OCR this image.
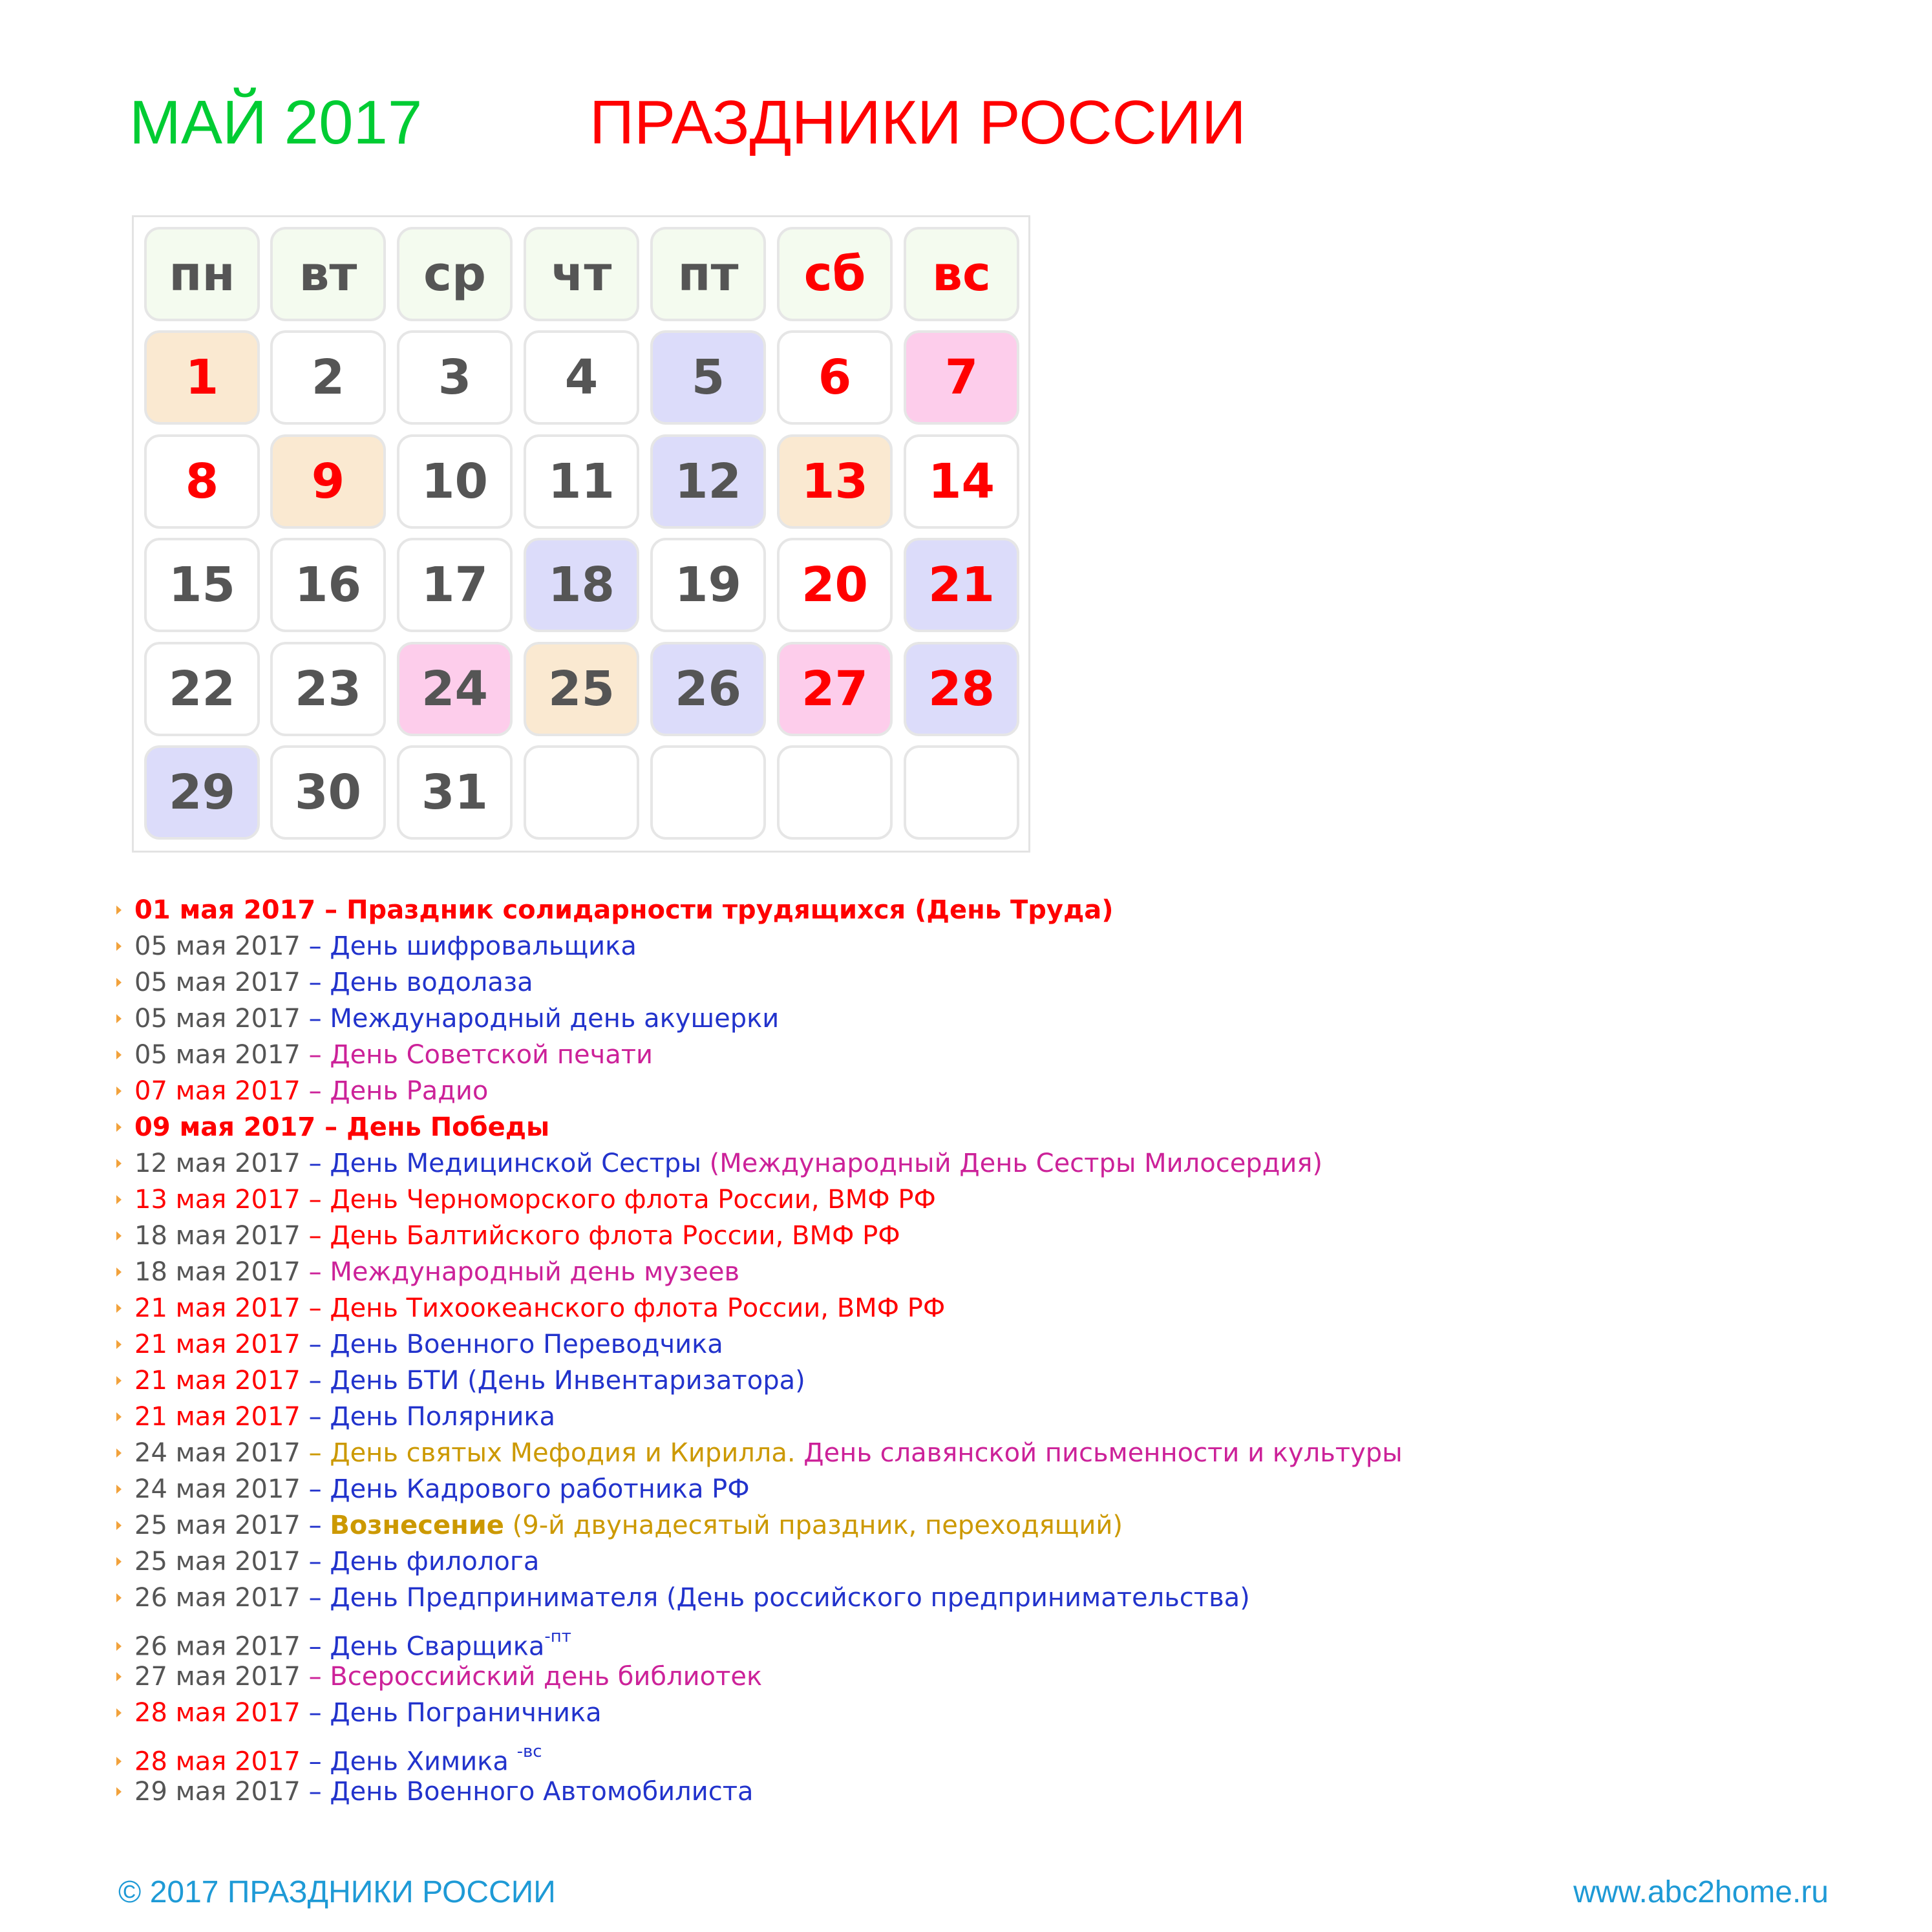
МАЙ 2017	ПРАЗДНИКИ РОССИИ
пн	вт	ср	чт	пт	сб	вс
1	2	3	4	5	6	7
8	9	10	11	12	13	14
15	16	17	18	19	20	21
22	23	24	25	26	27	28
29	30	31
01 мая 2017 – Праздник солидарности трудящихся (День Труда)
05 мая 2017 – День шифровальщика
05 мая 2017 – День водолаза
05 мая 2017 – Международный день акушерки
05 мая 2017 – День Советской печати
07 мая 2017 – День Радио
09 мая 2017 – День Победы
12 мая 2017 – День Медицинской Сестры (Международный День Сестры Милосердия)
13 мая 2017 – День Черноморского флота России, ВМФ РФ
18 мая 2017 – День Балтийского флота России, ВМФ РФ
18 мая 2017 – Международный день музеев
21 мая 2017 – День Тихоокеанского флота России, ВМФ РФ
21 мая 2017 – День Военного Переводчика
21 мая 2017 – День БТИ (День Инвентаризатора)
21 мая 2017 – День Полярника
24 мая 2017 – День святых Мефодия и Кирилла. День славянской письменности и культуры
24 мая 2017 – День Кадрового работника РФ
25 мая 2017 – Вознесение (9-й двунадесятый праздник, переходящий)
25 мая 2017 – День филолога
26 мая 2017 – День Предпринимателя (День российского предпринимательства)
26 мая 2017 – День Сварщика$^{-пт}$
27 мая 2017 – Всероссийский день библиотек
28 мая 2017 – День Пограничника
28 мая 2017 – День Химика $^{-вс}$
29 мая 2017 – День Военного Автомобилиста
© 2017 ПРАЗДНИКИ РОССИИ	www.abc2home.ru
